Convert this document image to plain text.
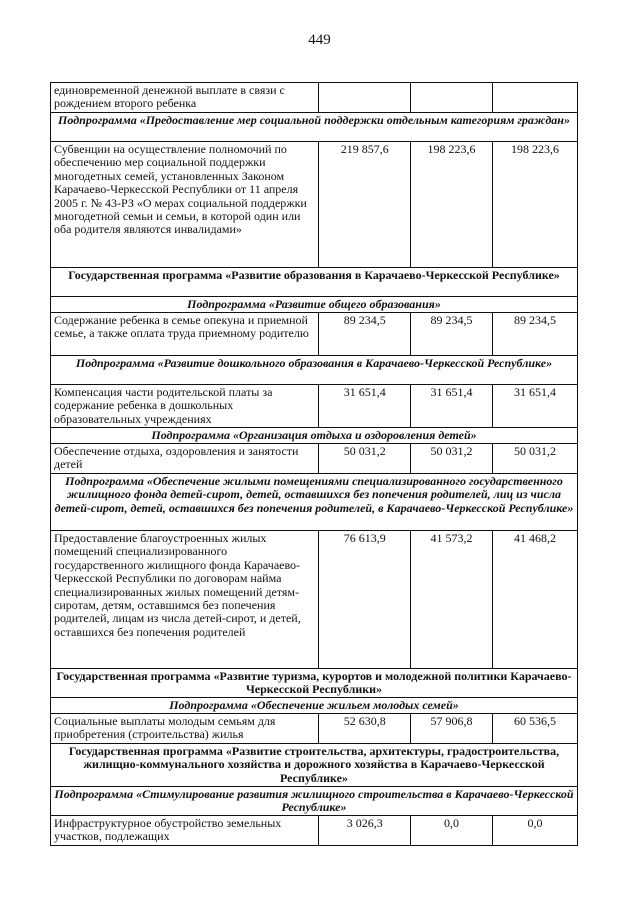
449
единовременной денежной выплате в связи с рождением второго ребенка			
Подпрограмма «Предоставление мер социальной поддержки отдельным категориям граждан»			
Субвенции на осуществление полномочий по обеспечению мер социальной поддержки многодетных семей, установленных Законом Карачаево-Черкесской Республики от 11 апреля 2005 г. № 43-РЗ «О мерах социальной поддержки многодетной семьи и семьи, в которой один или оба родителя являются инвалидами»	219 857,6	198 223,6	198 223,6
Государственная программа «Развитие образования в Карачаево-Черкесской Республике»			
Подпрограмма «Развитие общего образования»			
Содержание ребенка в семье опекуна и приемной семье, а также оплата труда приемному родителю	89 234,5	89 234,5	89 234,5
Подпрограмма «Развитие дошкольного образования в Карачаево-Черкесской Республике»			
Компенсация части родительской платы за содержание ребенка в дошкольных образовательных учреждениях	31 651,4	31 651,4	31 651,4
Подпрограмма «Организация отдыха и оздоровления детей»			
Обеспечение отдыха, оздоровления и занятости детей	50 031,2	50 031,2	50 031,2
Подпрограмма «Обеспечение жилыми помещениями специализированного государственного жилищного фонда детей-сирот, детей, оставшихся без попечения родителей, лиц из числа детей-сирот, детей, оставшихся без попечения родителей, в Карачаево-Черкесской Республике»			
Предоставление благоустроенных жилых помещений специализированного государственного жилищного фонда Карачаево-Черкесской Республики по договорам найма специализированных жилых помещений детям-сиротам, детям, оставшимся без попечения родителей, лицам из числа детей-сирот, и детей, оставшихся без попечения родителей	76 613,9	41 573,2	41 468,2
Государственная программа «Развитие туризма, курортов и молодежной политики Карачаево-Черкесской Республики»			
Подпрограмма «Обеспечение жильем молодых семей»			
Социальные выплаты молодым семьям для приобретения (строительства) жилья	52 630,8	57 906,8	60 536,5
Государственная программа «Развитие строительства, архитектуры, градостроительства, жилищно-коммунального хозяйства и дорожного хозяйства в Карачаево-Черкесской Республике»			
Подпрограмма «Стимулирование развития жилищного строительства в Карачаево-Черкесской Республике»			
Инфраструктурное обустройство земельных участков, подлежащих	3 026,3	0,0	0,0
